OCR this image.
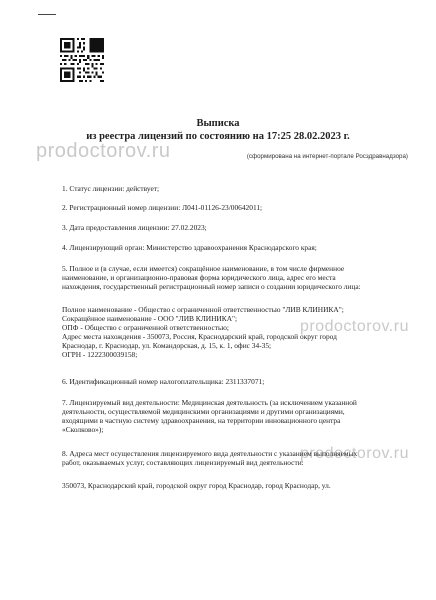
prodoctorov.ru
prodoctorov.ru
prodoctorov.ru
Выписка
из реестра лицензий по состоянию на 17:25 28.02.2023 г.
(сформирована на интернет-портале Росздравнадзора)

1. Статус лицензии: действует;

2. Регистрационный номер лицензии: Л041-01126-23/00642011;

3. Дата предоставления лицензии: 27.02.2023;

4. Лицензирующий орган: Министерство здравоохранения Краснодарского края;

5. Полное и (в случае, если имеется) сокращённое наименование, в том числе фирменное
наименование, и организационно-правовая форма юридического лица, адрес его места
нахождения, государственный регистрационный номер записи о создании юридического лица:
Полное наименование - Общество с ограниченной ответственностью "ЛИВ КЛИНИКА";
Сокращённое наименование - ООО "ЛИВ КЛИНИКА";
ОПФ - Общество с ограниченной ответственностью;
Адрес места нахождения - 350073, Россия, Краснодарский край, городской округ город
Краснодар, г. Краснодар, ул. Командорская, д. 15, к. 1, офис 34-35;
ОГРН - 1222300039158;

6. Идентификационный номер налогоплательщика: 2311337071;

7. Лицензируемый вид деятельности: Медицинская деятельность (за исключением указанной
деятельности, осуществляемой медицинскими организациями и другими организациями,
входящими в частную систему здравоохранения, на территории инновационного центра
«Сколково»);
8. Адреса мест осуществления лицензируемого вида деятельности с указанием выполняемых
работ, оказываемых услуг, составляющих лицензируемый вид деятельности:

350073, Краснодарский край, городской округ город Краснодар, город Краснодар, ул.
